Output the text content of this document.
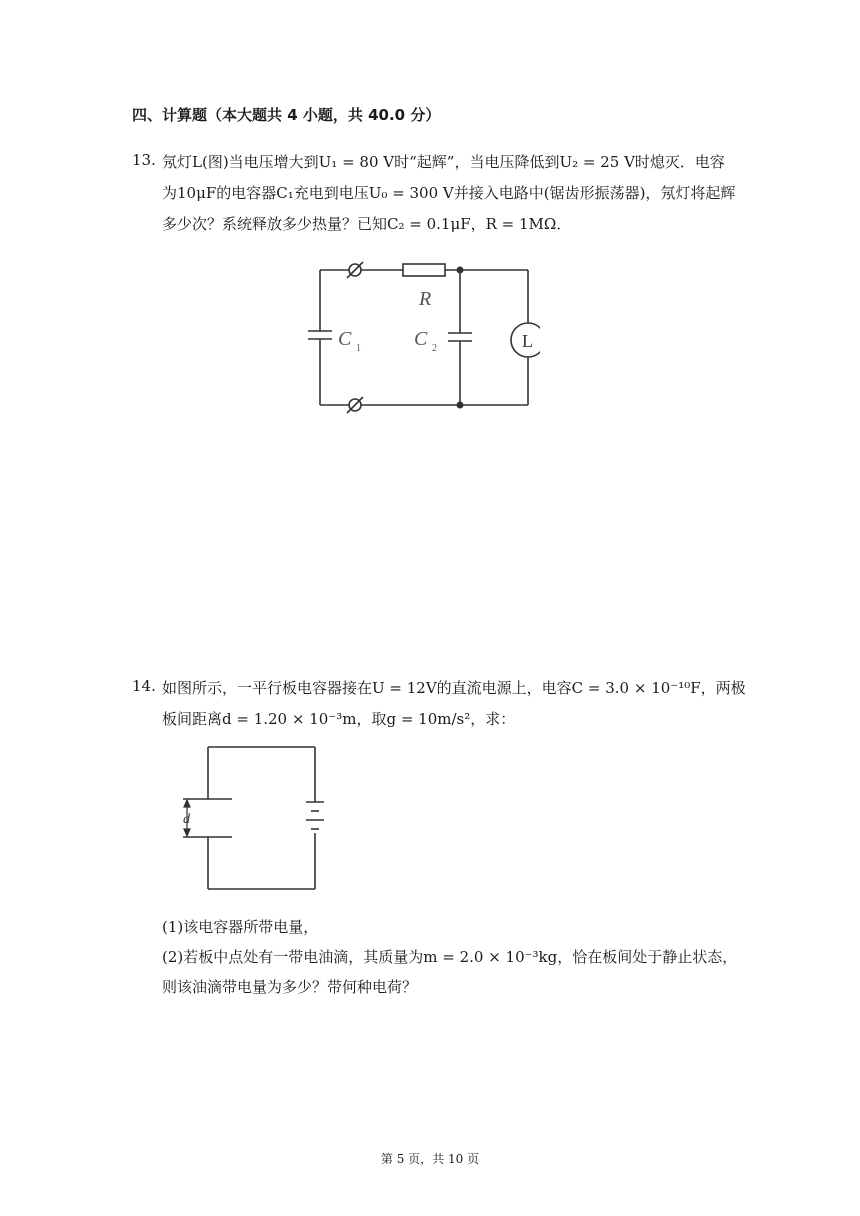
四、计算题（本大题共 4 小题，共 40.0 分）
13. 氖灯L(图)当电压增大到U₁ = 80 V时“起辉”，当电压降低到U₂ = 25 V时熄灭．电容
为10μF的电容器C₁充电到电压U₀ = 300 V并接入电路中(锯齿形振荡器)，氖灯将起辉
多少次？系统释放多少热量？已知C₂ = 0.1μF，R = 1MΩ．
R
C 1	C 2	L
14. 如图所示，一平行板电容器接在U = 12V的直流电源上，电容C = 3.0 × 10⁻¹⁰F，两极
板间距离d = 1.20 × 10⁻³m，取g = 10m/s²，求：
d
(1)该电容器所带电量，
(2)若板中点处有一带电油滴，其质量为m = 2.0 × 10⁻³kg，恰在板间处于静止状态，
则该油滴带电量为多少？带何种电荷？
第 5 页，共 10 页
